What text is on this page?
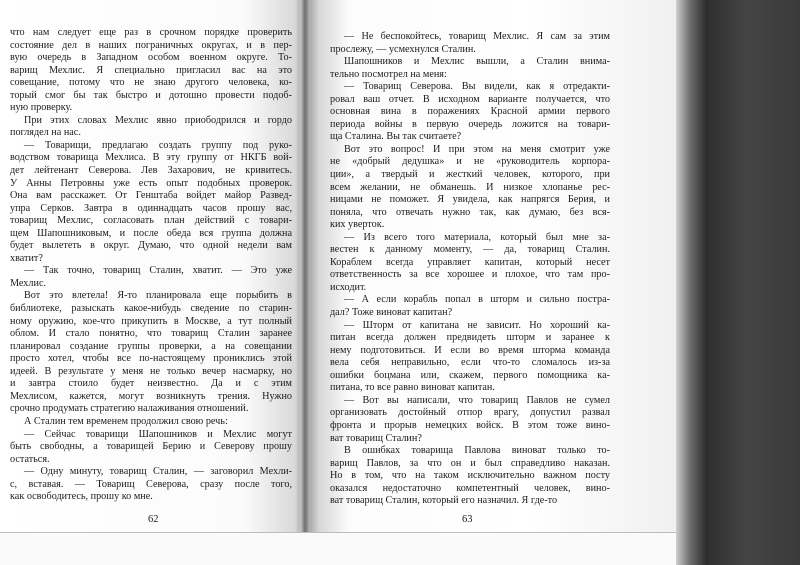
что нам следует еще раз в срочном порядке проверить

состояние дел в наших пограничных округах, и в пер-

вую очередь в Западном особом военном округе. То-

варищ Мехлис. Я специально пригласил вас на это

совещание, потому что не знаю другого человека, ко-

торый смог бы так быстро и дотошно провести подоб-

ную проверку.

При этих словах Мехлис явно приободрился и гордо

поглядел на нас.

— Товарищи, предлагаю создать группу под руко-

водством товарища Мехлиса. В эту группу от НКГБ вой-

дет лейтенант Северова. Лев Захарович, не кривитесь.

У Анны Петровны уже есть опыт подобных проверок.

Она вам расскажет. От Генштаба войдет майор Развед-

упра Серков. Завтра в одиннадцать часов прошу вас,

товарищ Мехлис, согласовать план действий с товари-

щем Шапошниковым, и после обеда вся группа должна

будет вылететь в округ. Думаю, что одной недели вам

хватит?

— Так точно, товарищ Сталин, хватит. — Это уже

Мехлис.

Вот это влетела! Я-то планировала еще порыбить в

библиотеке, разыскать какое-нибудь сведение по старин-

ному оружию, кое-что прикупить в Москве, а тут полный

облом. И стало понятно, что товарищ Сталин заранее

планировал создание группы проверки, а на совещании

просто хотел, чтобы все по-настоящему прониклись этой

идеей. В результате у меня не только вечер насмарку, но

и завтра стоило будет неизвестно. Да и с этим

Мехлисом, кажется, могут возникнуть трения. Нужно

срочно продумать стратегию налаживания отношений.

А Сталин тем временем продолжил свою речь:

— Сейчас товарищи Шапошников и Мехлис могут

быть свободны, а товарищей Берию и Северову прошу

остаться.

— Одну минуту, товарищ Сталин, — заговорил Мехли-

с, вставая. — Товарищ Северова, сразу после того,

как освободитесь, прошу ко мне.

— Не беспокойтесь, товарищ Мехлис. Я сам за этим

прослежу, — усмехнулся Сталин.

Шапошников и Мехлис вышли, а Сталин внима-

тельно посмотрел на меня:

— Товарищ Северова. Вы видели, как я отредакти-

ровал ваш отчет. В исходном варианте получается, что

основная вина в поражениях Красной армии первого

периода войны в первую очередь ложится на товари-

ща Сталина. Вы так считаете?

Вот это вопрос! И при этом на меня смотрит уже

не «добрый дедушка» и не «руководитель корпора-

ции», а твердый и жесткий человек, которого, при

всем желании, не обманешь. И низкое хлопанье рес-

ницами не поможет. Я увидела, как напрягся Берия, и

поняла, что отвечать нужно так, как думаю, без вся-

ких уверток.

— Из всего того материала, который был мне за-

вестен к данному моменту, — да, товарищ Сталин.

Кораблем всегда управляет капитан, который несет

ответственность за все хорошее и плохое, что там про-

исходит.

— А если корабль попал в шторм и сильно постра-

дал? Тоже виноват капитан?

— Шторм от капитана не зависит. Но хороший ка-

питан всегда должен предвидеть шторм и заранее к

нему подготовиться. И если во время шторма команда

вела себя неправильно, если что-то сломалось из-за

ошибки боцмана или, скажем, первого помощника ка-

питана, то все равно виноват капитан.

— Вот вы написали, что товарищ Павлов не сумел

организовать достойный отпор врагу, допустил развал

фронта и прорыв немецких войск. В этом тоже вино-

ват товарищ Сталин?

В ошибках товарища Павлова виноват только то-

варищ Павлов, за что он и был справедливо наказан.

Но в том, что на таком исключительно важном посту

оказался недостаточно компетентный человек, вино-

ват товарищ Сталин, который его назначил. Я где-то

62	63
